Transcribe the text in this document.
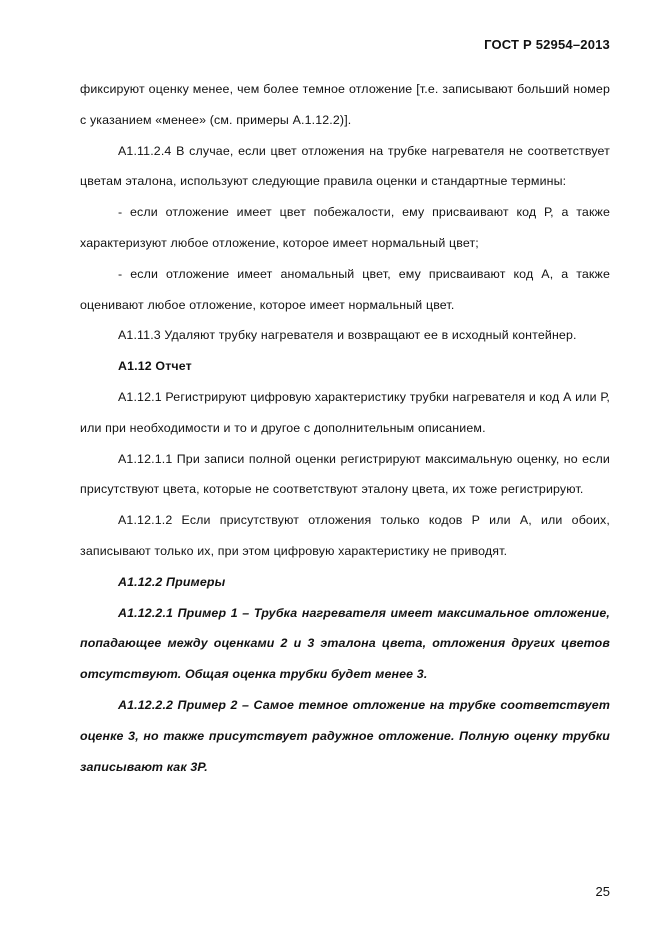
ГОСТ Р 52954–2013

фиксируют оценку менее, чем более темное отложение [т.е. записывают больший номер с указанием «менее» (см. примеры А.1.12.2)].

А1.11.2.4 В случае, если цвет отложения на трубке нагревателя не соответствует цветам эталона, используют следующие правила оценки и стандартные термины:

- если отложение имеет цвет побежалости, ему присваивают код Р, а также характеризуют любое отложение, которое имеет нормальный цвет;

- если отложение имеет аномальный цвет, ему присваивают код А, а также оценивают любое отложение, которое имеет нормальный цвет.

А1.11.3 Удаляют трубку нагревателя и возвращают ее в исходный контейнер.

А1.12 Отчет

А1.12.1 Регистрируют цифровую характеристику трубки нагревателя и код А или Р, или при необходимости и то и другое с дополнительным описанием.

А1.12.1.1 При записи полной оценки регистрируют максимальную оценку, но если присутствуют цвета, которые не соответствуют эталону цвета, их тоже регистрируют.

А1.12.1.2 Если присутствуют отложения только кодов Р или А, или обоих, записывают только их, при этом цифровую характеристику не приводят.

А1.12.2 Примеры

А1.12.2.1 Пример 1 – Трубка нагревателя имеет максимальное отложение, попадающее между оценками 2 и 3 эталона цвета, отложения других цветов отсутствуют. Общая оценка трубки будет менее 3.

А1.12.2.2 Пример 2 – Самое темное отложение на трубке соответствует оценке 3, но также присутствует радужное отложение. Полную оценку трубки записывают как 3Р.

25
